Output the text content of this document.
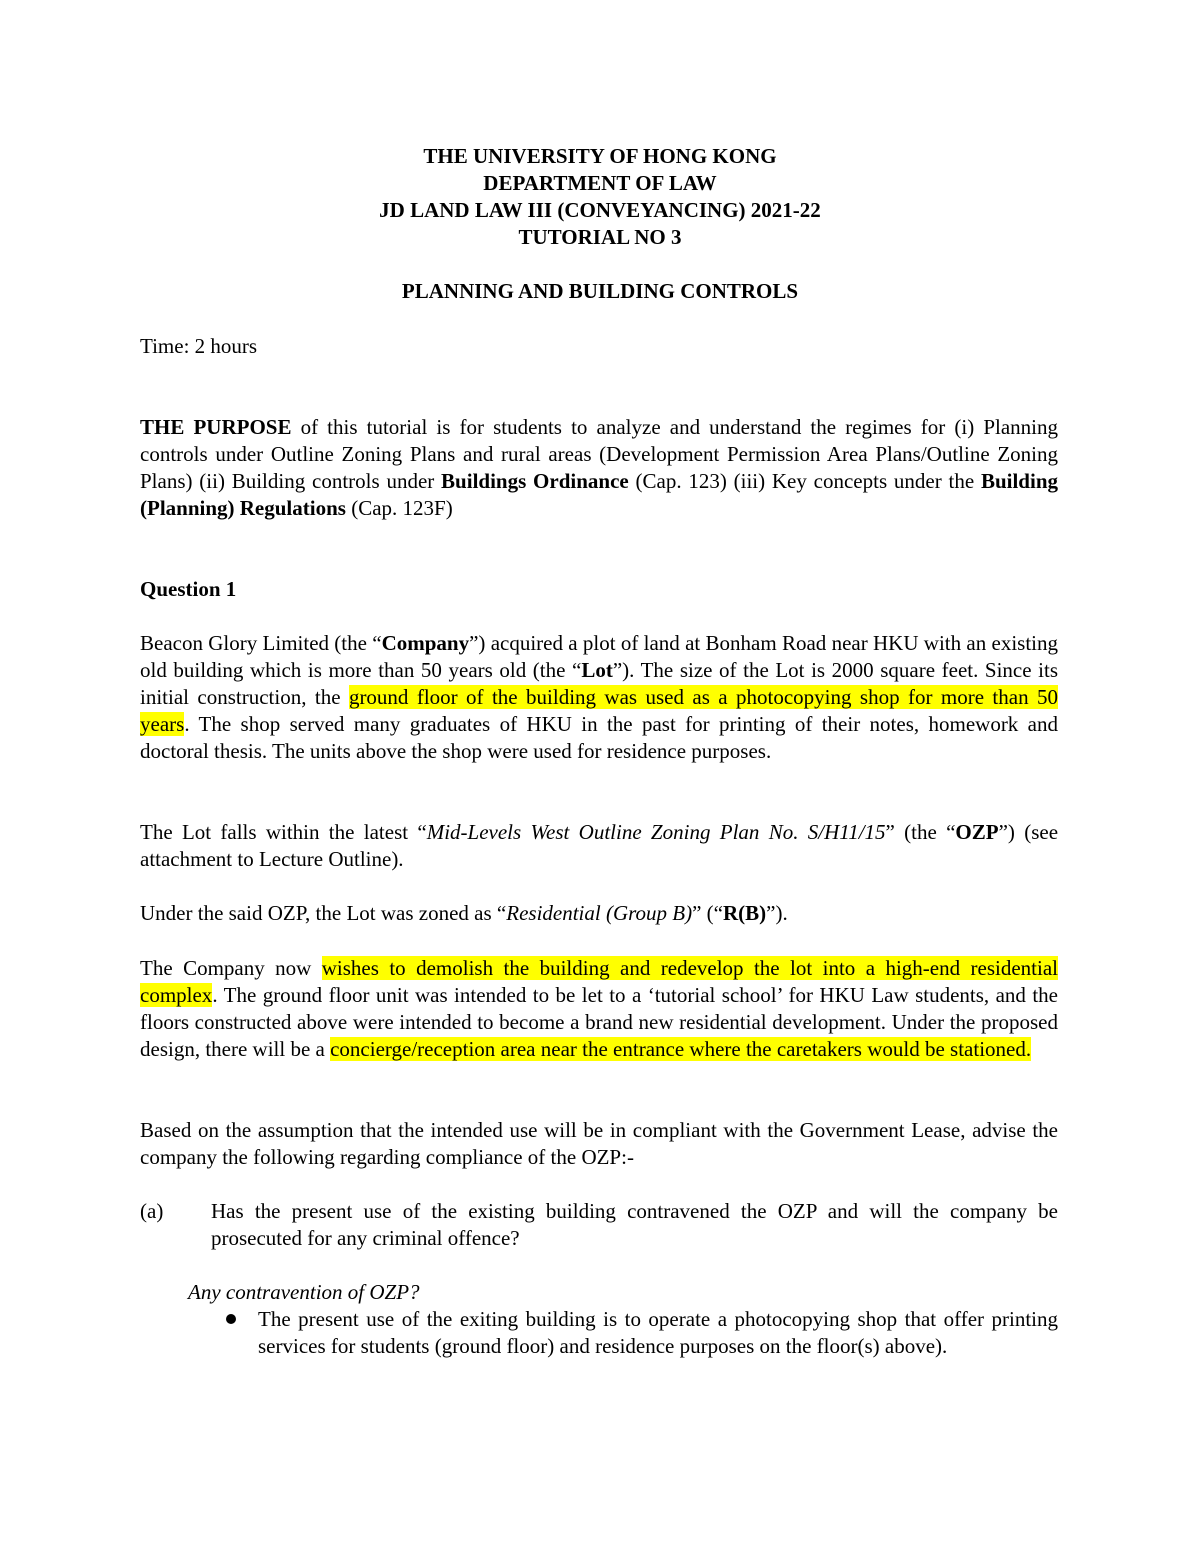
THE UNIVERSITY OF HONG KONG
DEPARTMENT OF LAW
JD LAND LAW III (CONVEYANCING) 2021-22
TUTORIAL NO 3
PLANNING AND BUILDING CONTROLS
Time: 2 hours

THE PURPOSE of this tutorial is for students to analyze and understand the regimes for (i) Planning controls under Outline Zoning Plans and rural areas (Development Permission Area Plans/Outline Zoning Plans) (ii) Building controls under Buildings Ordinance (Cap. 123) (iii) Key concepts under the Building (Planning) Regulations (Cap. 123F)

Question 1

Beacon Glory Limited (the “Company”) acquired a plot of land at Bonham Road near HKU with an existing old building which is more than 50 years old (the “Lot”). The size of the Lot is 2000 square feet. Since its initial construction, the ground floor of the building was used as a photocopying shop for more than 50 years. The shop served many graduates of HKU in the past for printing of their notes, homework and doctoral thesis. The units above the shop were used for residence purposes.

The Lot falls within the latest “Mid-Levels West Outline Zoning Plan No. S/H11/15” (the “OZP”) (see attachment to Lecture Outline).

Under the said OZP, the Lot was zoned as “Residential (Group B)” (“R(B)”).

The Company now wishes to demolish the building and redevelop the lot into a high-end residential complex. The ground floor unit was intended to be let to a ‘tutorial school’ for HKU Law students, and the floors constructed above were intended to become a brand new residential development. Under the proposed design, there will be a concierge/reception area near the entrance where the caretakers would be stationed.

Based on the assumption that the intended use will be in compliant with the Government Lease, advise the company the following regarding compliance of the OZP:-
(a) Has the present use of the existing building contravened the OZP and will the company be prosecuted for any criminal offence?
Any contravention of OZP?
The present use of the exiting building is to operate a photocopying shop that offer printing services for students (ground floor) and residence purposes on the floor(s) above).
